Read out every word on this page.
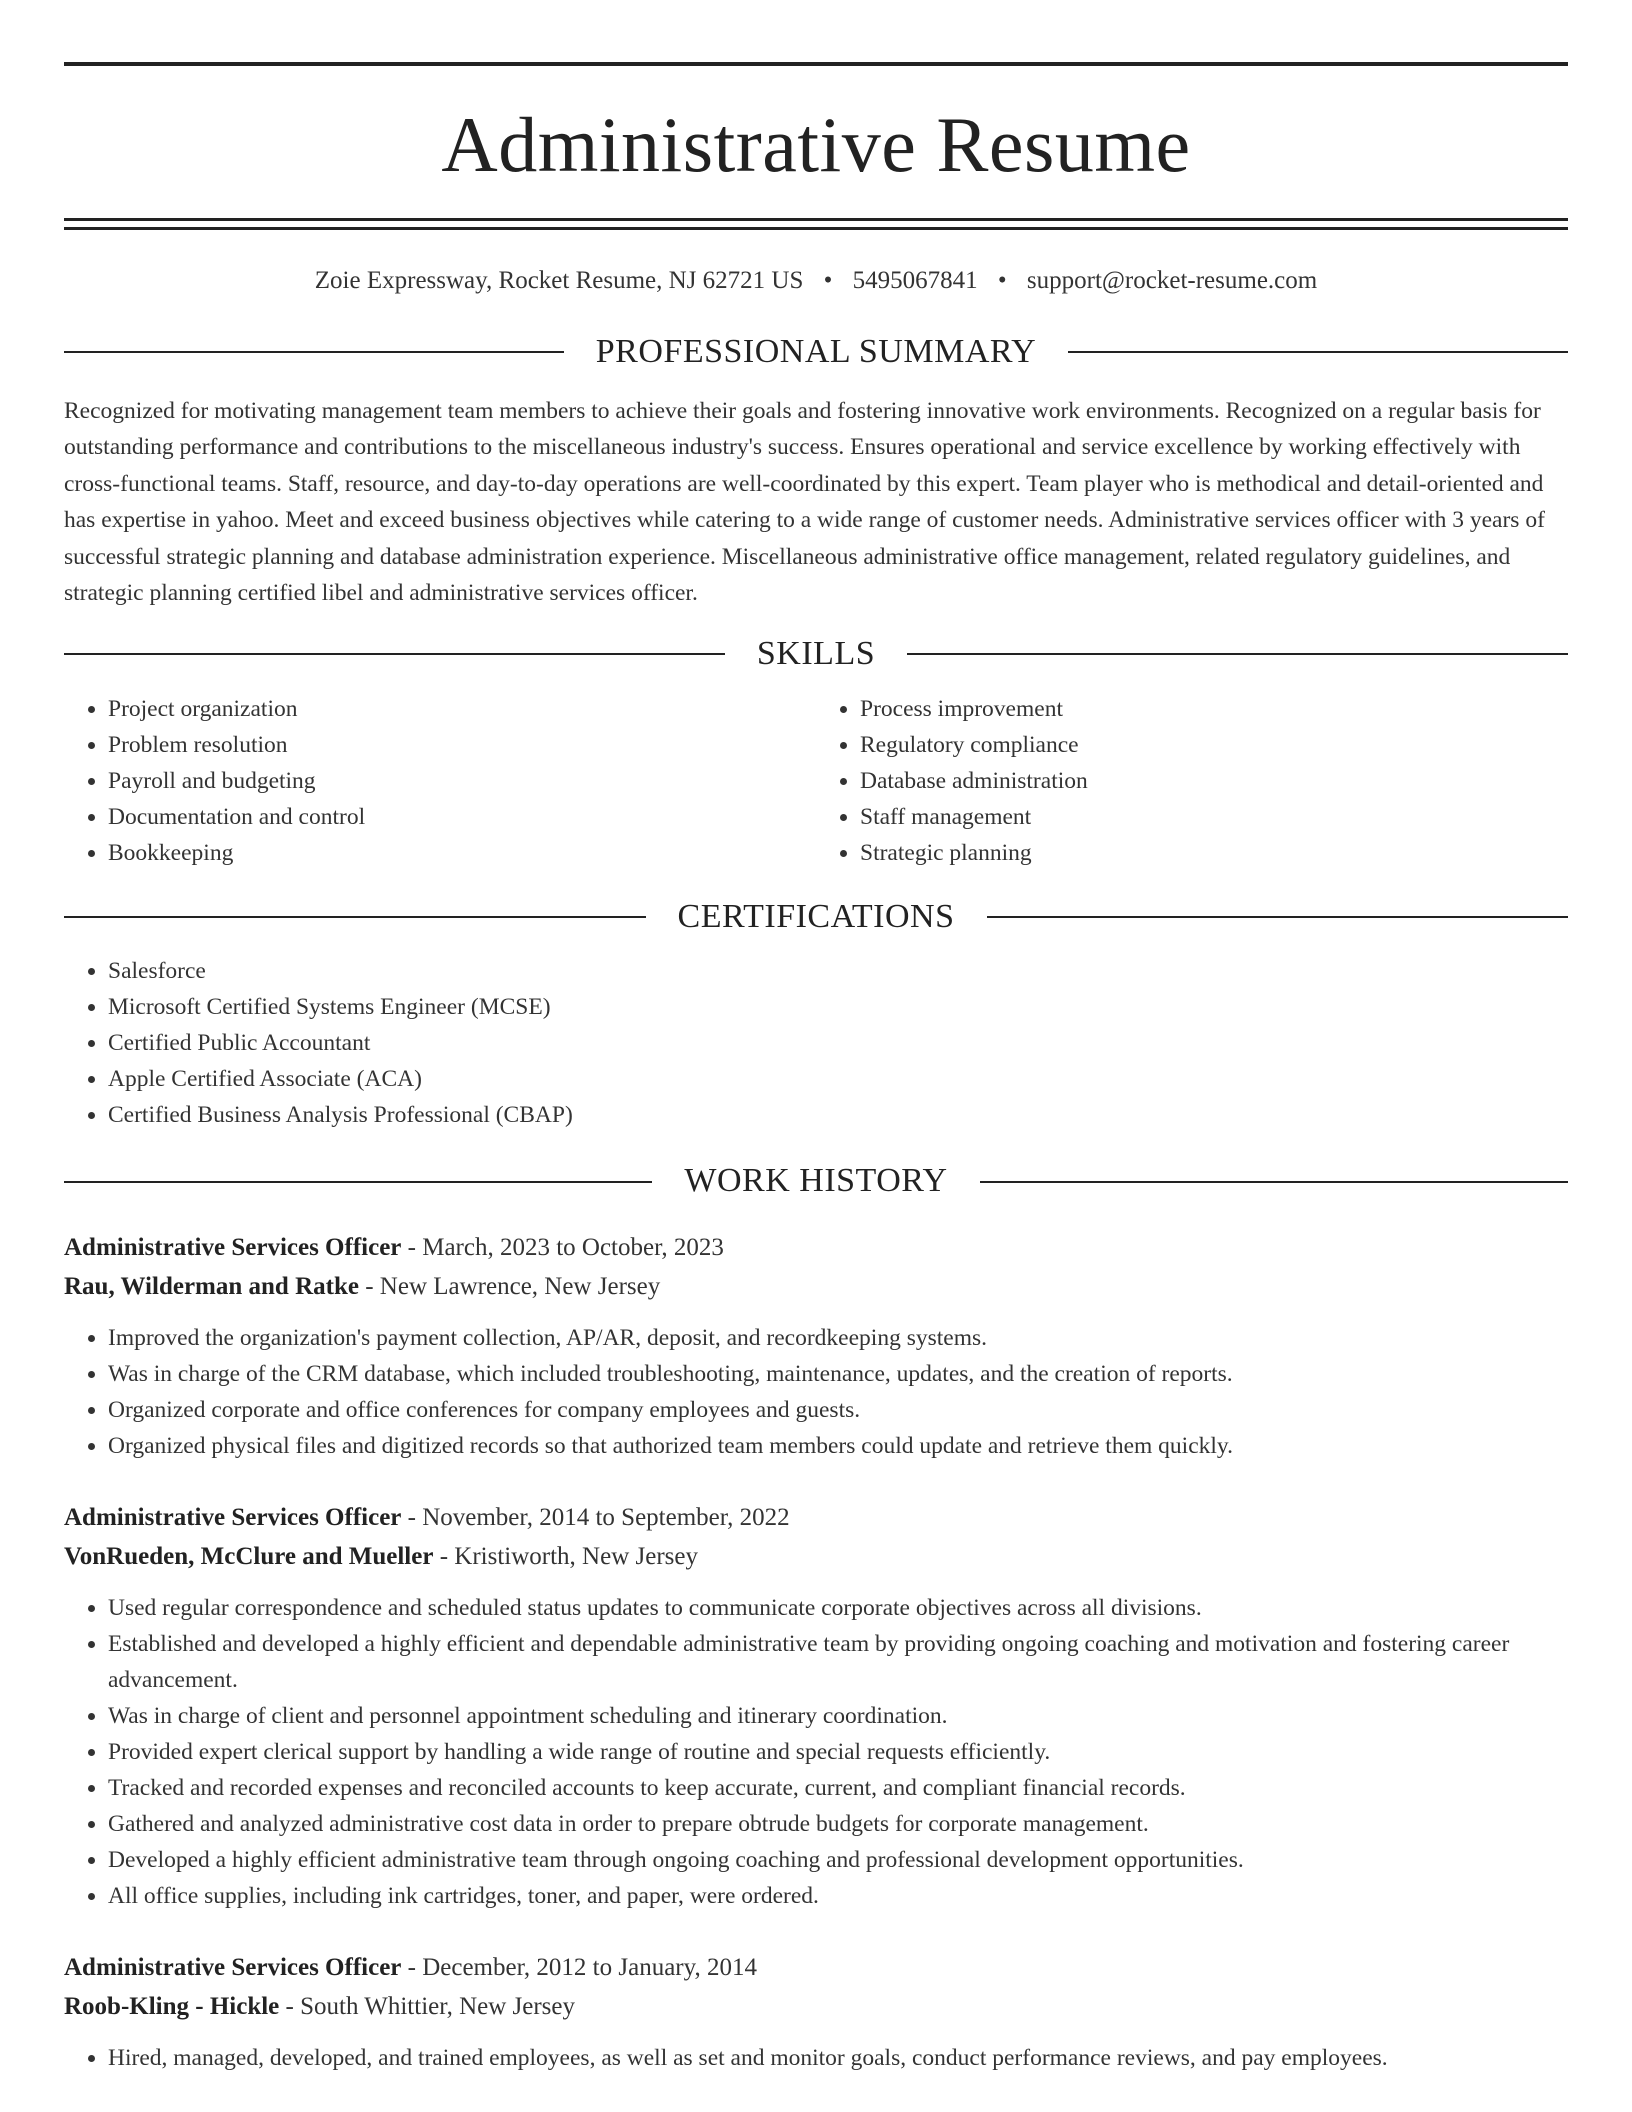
Administrative Resume
Zoie Expressway, Rocket Resume, NJ 62721 US • 5495067841 • support@rocket-resume.com
PROFESSIONAL SUMMARY

Recognized for motivating management team members to achieve their goals and fostering innovative work environments. Recognized on a regular basis for outstanding performance and contributions to the miscellaneous industry's success. Ensures operational and service excellence by working effectively with cross-functional teams. Staff, resource, and day-to-day operations are well-coordinated by this expert. Team player who is methodical and detail-oriented and has expertise in yahoo. Meet and exceed business objectives while catering to a wide range of customer needs. Administrative services officer with 3 years of successful strategic planning and database administration experience. Miscellaneous administrative office management, related regulatory guidelines, and strategic planning certified libel and administrative services officer.

SKILLS
• Project organization
• Problem resolution
• Payroll and budgeting
• Documentation and control
• Bookkeeping
• Process improvement
• Regulatory compliance
• Database administration
• Staff management
• Strategic planning
CERTIFICATIONS
• Salesforce
• Microsoft Certified Systems Engineer (MCSE)
• Certified Public Accountant
• Apple Certified Associate (ACA)
• Certified Business Analysis Professional (CBAP)
WORK HISTORY
Administrative Services Officer - March, 2023 to October, 2023
Rau, Wilderman and Ratke - New Lawrence, New Jersey
• Improved the organization's payment collection, AP/AR, deposit, and recordkeeping systems.
• Was in charge of the CRM database, which included troubleshooting, maintenance, updates, and the creation of reports.
• Organized corporate and office conferences for company employees and guests.
• Organized physical files and digitized records so that authorized team members could update and retrieve them quickly.
Administrative Services Officer - November, 2014 to September, 2022
VonRueden, McClure and Mueller - Kristiworth, New Jersey
• Used regular correspondence and scheduled status updates to communicate corporate objectives across all divisions.
• Established and developed a highly efficient and dependable administrative team by providing ongoing coaching and motivation and fostering career advancement.
• Was in charge of client and personnel appointment scheduling and itinerary coordination.
• Provided expert clerical support by handling a wide range of routine and special requests efficiently.
• Tracked and recorded expenses and reconciled accounts to keep accurate, current, and compliant financial records.
• Gathered and analyzed administrative cost data in order to prepare obtrude budgets for corporate management.
• Developed a highly efficient administrative team through ongoing coaching and professional development opportunities.
• All office supplies, including ink cartridges, toner, and paper, were ordered.
Administrative Services Officer - December, 2012 to January, 2014
Roob-Kling - Hickle - South Whittier, New Jersey
• Hired, managed, developed, and trained employees, as well as set and monitor goals, conduct performance reviews, and pay employees.
